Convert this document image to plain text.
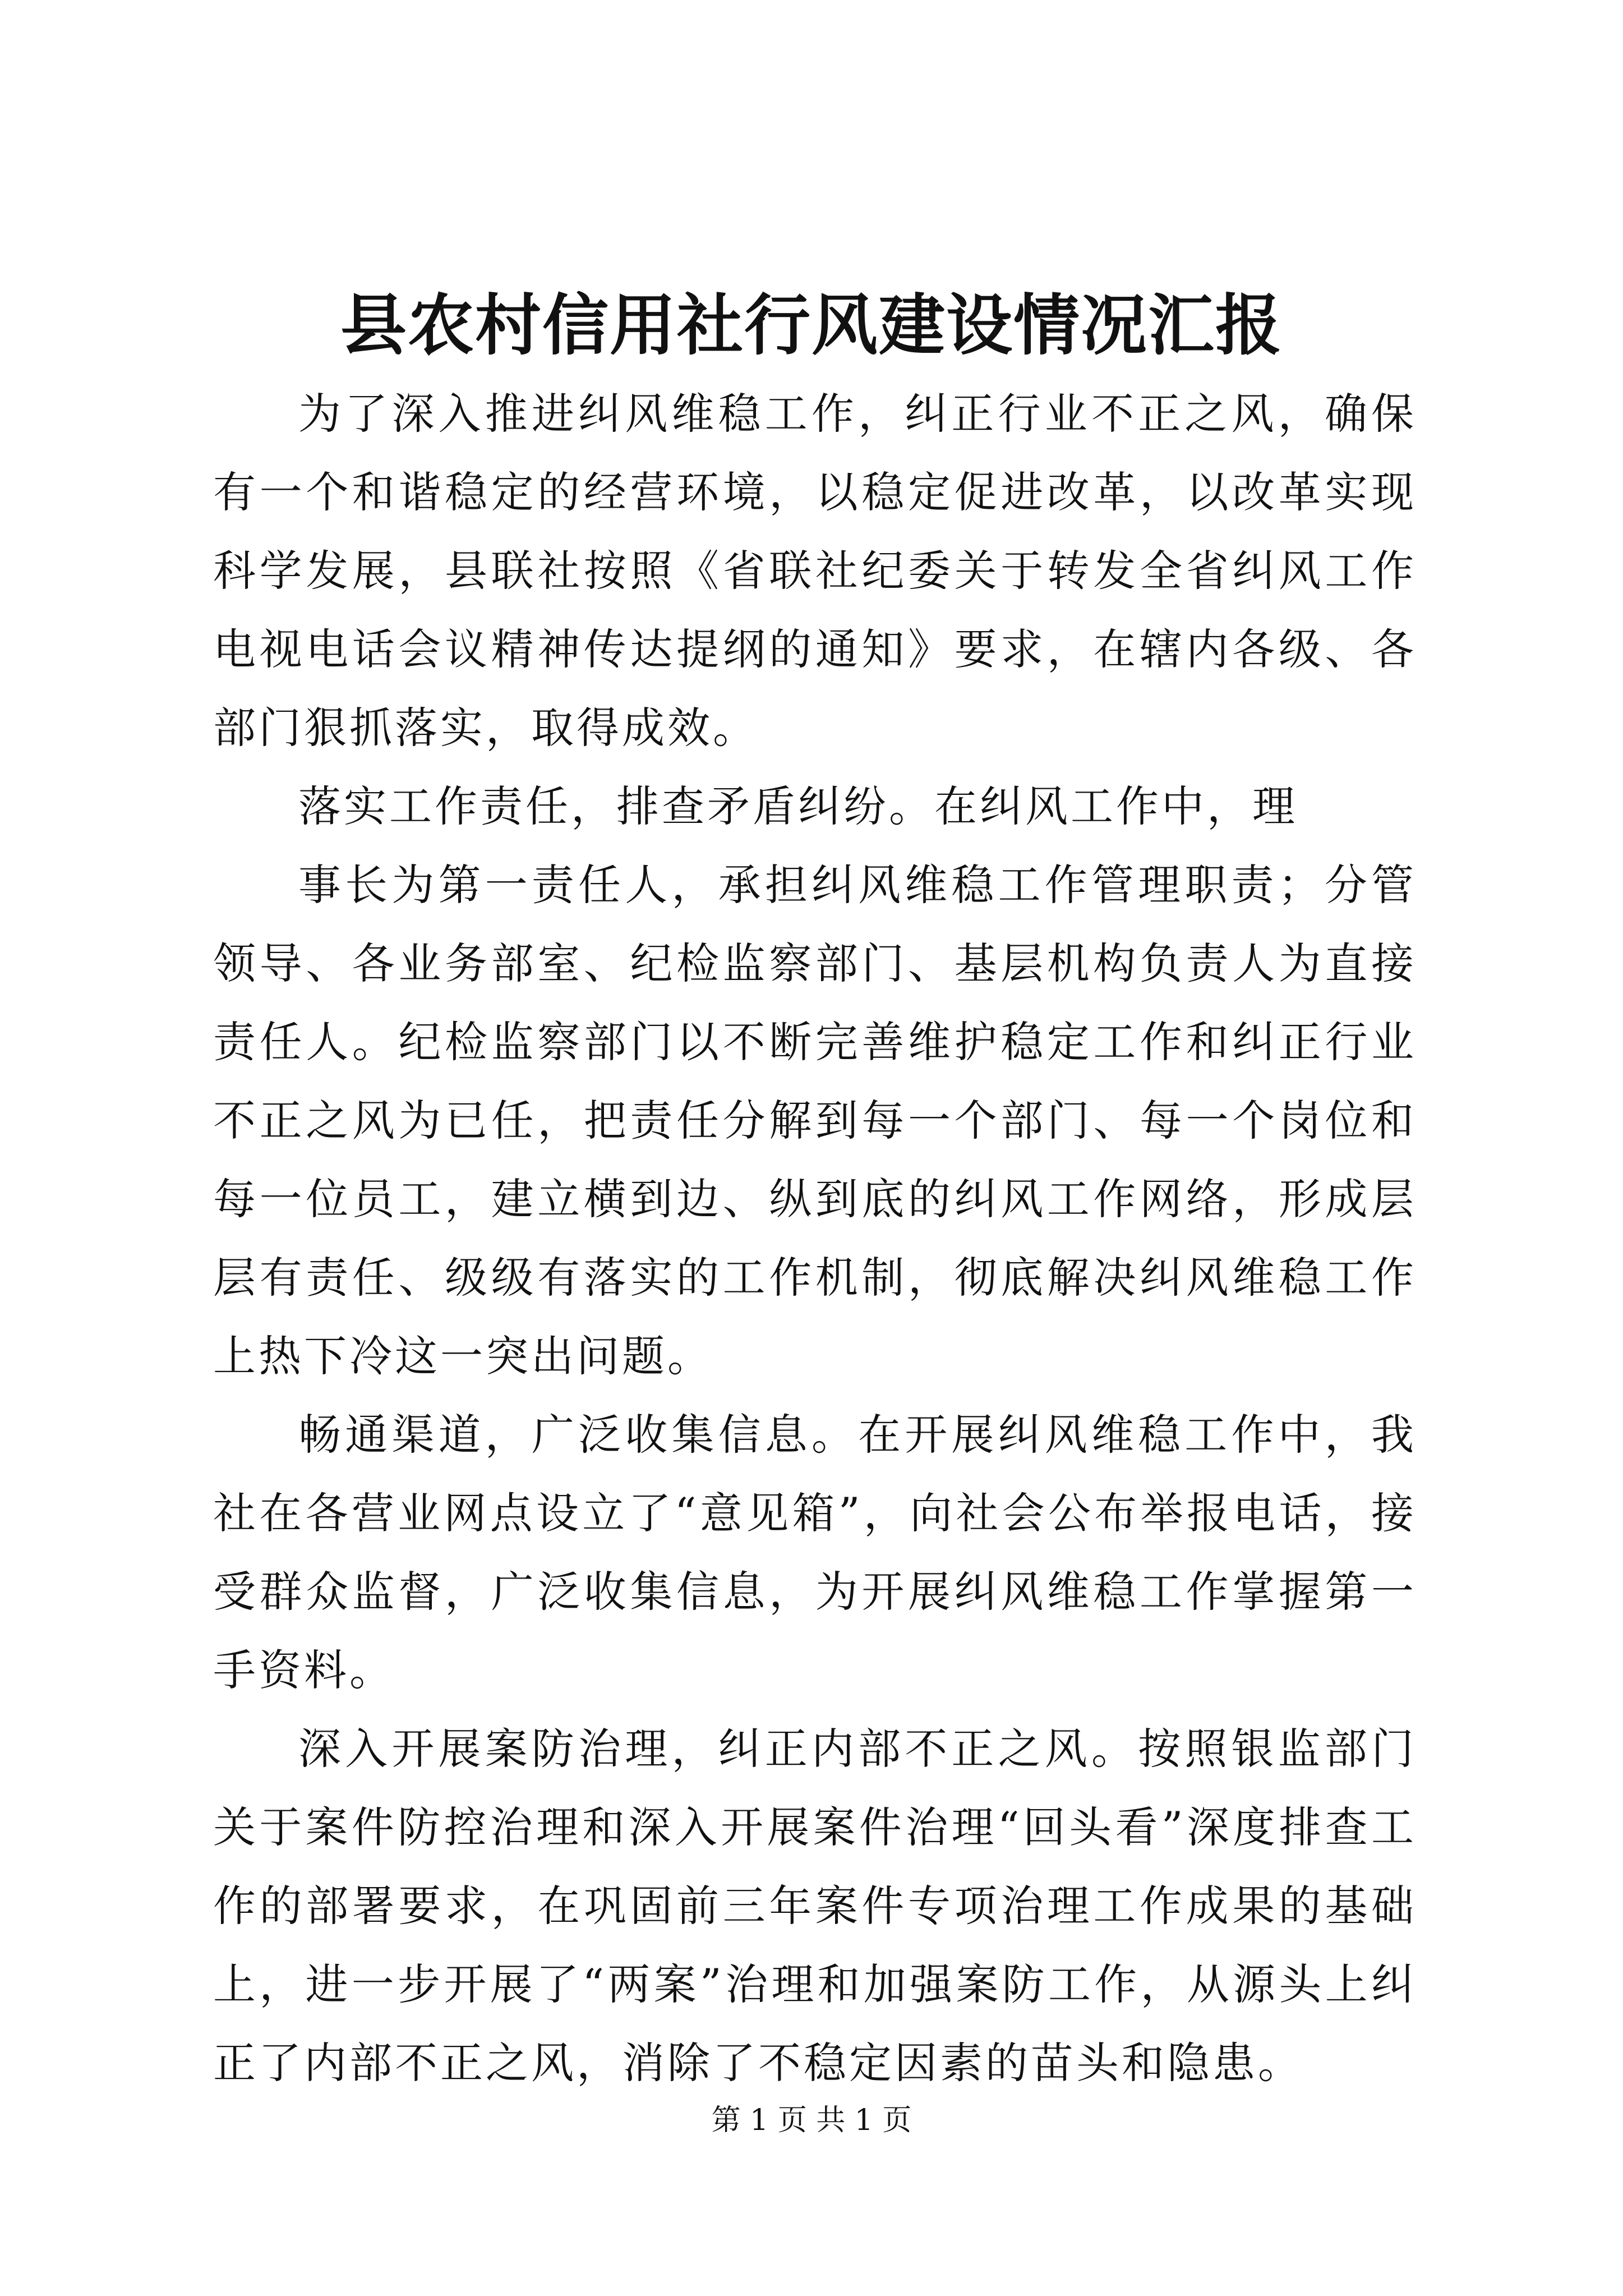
县农村信用社行风建设情况汇报

为了深入推进纠风维稳工作，纠正行业不正之风，确保有一个和谐稳定的经营环境，以稳定促进改革，以改革实现科学发展，县联社按照《省联社纪委关于转发全省纠风工作电视电话会议精神传达提纲的通知》要求，在辖内各级、各部门狠抓落实，取得成效。

落实工作责任，排查矛盾纠纷。在纠风工作中，理

事长为第一责任人，承担纠风维稳工作管理职责；分管领导、各业务部室、纪检监察部门、基层机构负责人为直接责任人。纪检监察部门以不断完善维护稳定工作和纠正行业不正之风为已任，把责任分解到每一个部门、每一个岗位和每一位员工，建立横到边、纵到底的纠风工作网络，形成层层有责任、级级有落实的工作机制，彻底解决纠风维稳工作上热下冷这一突出问题。

畅通渠道，广泛收集信息。在开展纠风维稳工作中，我社在各营业网点设立了“意见箱”，向社会公布举报电话，接受群众监督，广泛收集信息，为开展纠风维稳工作掌握第一手资料。

深入开展案防治理，纠正内部不正之风。按照银监部门关于案件防控治理和深入开展案件治理“回头看”深度排查工作的部署要求，在巩固前三年案件专项治理工作成果的基础上，进一步开展了“两案”治理和加强案防工作，从源头上纠正了内部不正之风，消除了不稳定因素的苗头和隐患。

第 1 页 共 1 页
